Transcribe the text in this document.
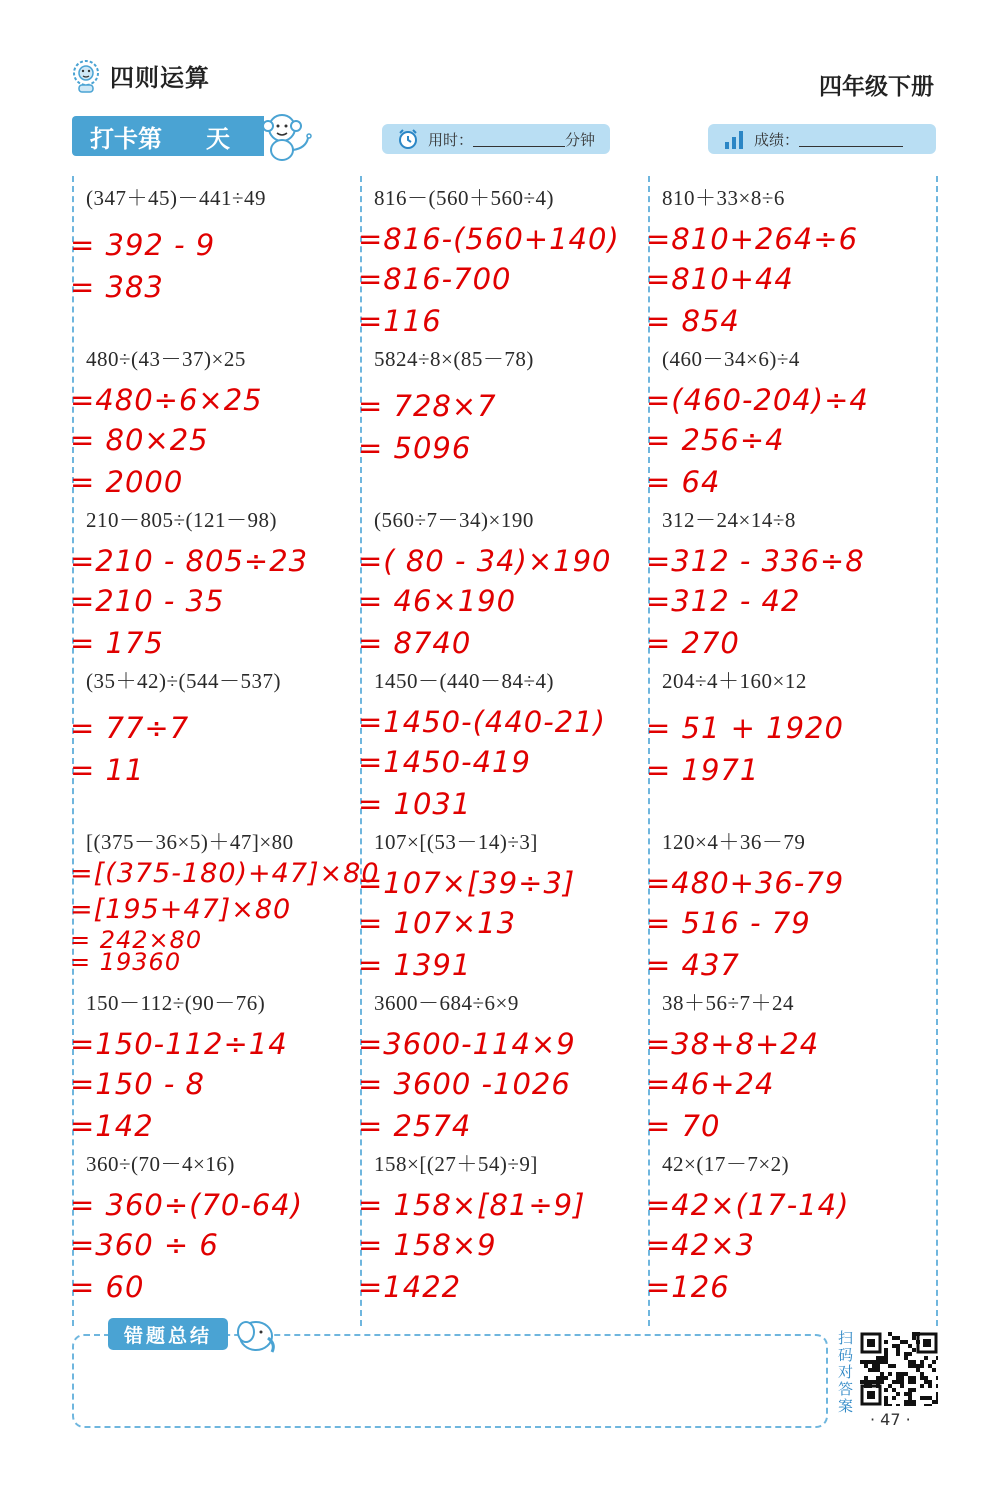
四则运算	四年级下册
打卡第 天	用时：	分钟	成绩：
(347＋45)－441÷49
= 392 - 9
= 383
816－(560＋560÷4)
=816-(560+140)
=816-700
=116
810＋33×8÷6
=810+264÷6
=810+44
= 854
480÷(43－37)×25
=480÷6×25
= 80×25
= 2000
5824÷8×(85－78)
= 728×7
= 5096
(460－34×6)÷4
=(460-204)÷4
= 256÷4
= 64
210－805÷(121－98)
=210 - 805÷23
=210 - 35
= 175
(560÷7－34)×190
=( 80 - 34)×190
= 46×190
= 8740
312－24×14÷8
=312 - 336÷8
=312 - 42
= 270
(35＋42)÷(544－537)
= 77÷7
= 11
1450－(440－84÷4)
=1450-(440-21)
=1450-419
= 1031
204÷4＋160×12
= 51 + 1920
= 1971
[(375－36×5)＋47]×80
=[(375-180)+47]×80
=[195+47]×80
= 242×80
= 19360
107×[(53－14)÷3]
=107×[39÷3]
= 107×13
= 1391
120×4＋36－79
=480+36-79
= 516 - 79
= 437
150－112÷(90－76)
=150-112÷14
=150 - 8
=142
3600－684÷6×9
=3600-114×9
= 3600 -1026
= 2574
38＋56÷7＋24
=38+8+24
=46+24
= 70
360÷(70－4×16)
= 360÷(70-64)
=360 ÷ 6
= 60
158×[(27＋54)÷9]
= 158×[81÷9]
= 158×9
=1422
42×(17－7×2)
=42×(17-14)
=42×3
=126
错题总结	扫码对答案
· 47 ·
